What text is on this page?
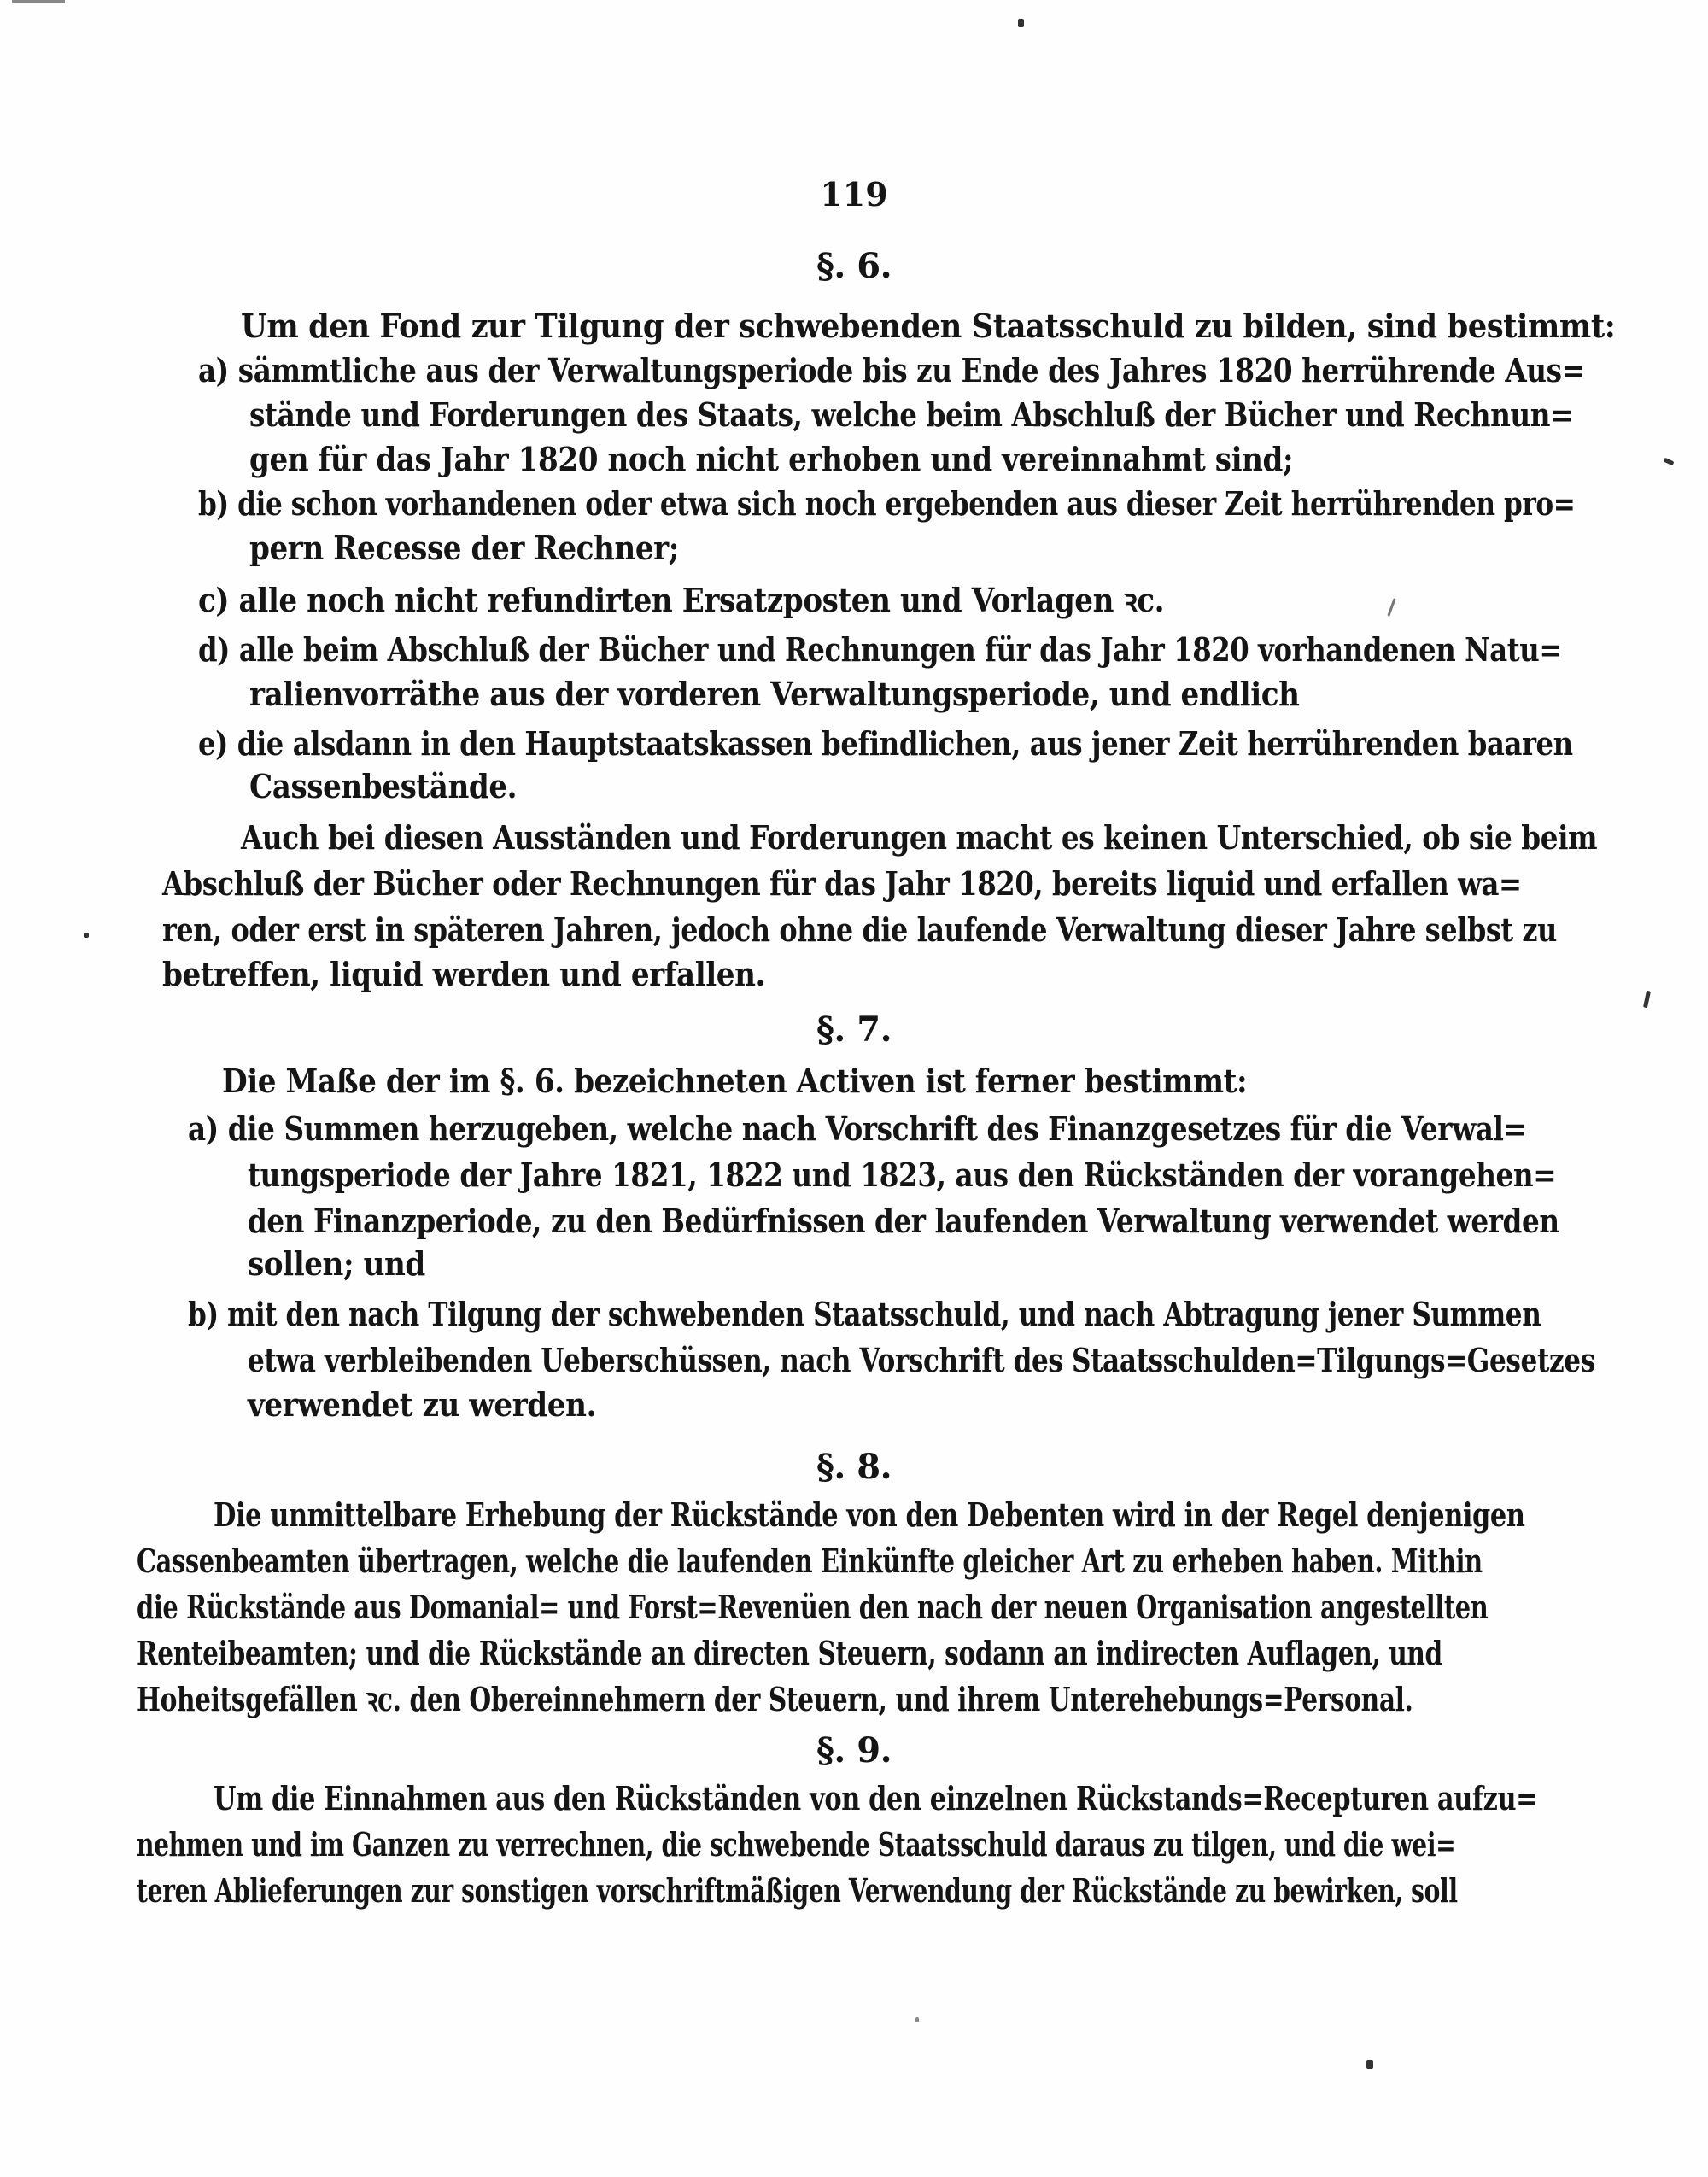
119
§. 6.
Um den Fond zur Tilgung der schwebenden Staatsschuld zu bilden, sind bestimmt:
a) sämmtliche aus der Verwaltungsperiode bis zu Ende des Jahres 1820 herrührende Aus=
stände und Forderungen des Staats, welche beim Abschluß der Bücher und Rechnun=
gen für das Jahr 1820 noch nicht erhoben und vereinnahmt sind;
b) die schon vorhandenen oder etwa sich noch ergebenden aus dieser Zeit herrührenden pro=
pern Recesse der Rechner;
c) alle noch nicht refundirten Ersatzposten und Vorlagen ꝛc.
d) alle beim Abschluß der Bücher und Rechnungen für das Jahr 1820 vorhandenen Natu=
ralienvorräthe aus der vorderen Verwaltungsperiode, und endlich
e) die alsdann in den Hauptstaatskassen befindlichen, aus jener Zeit herrührenden baaren
Cassenbestände.
Auch bei diesen Ausständen und Forderungen macht es keinen Unterschied, ob sie beim
Abschluß der Bücher oder Rechnungen für das Jahr 1820, bereits liquid und erfallen wa=
ren, oder erst in späteren Jahren, jedoch ohne die laufende Verwaltung dieser Jahre selbst zu
betreffen, liquid werden und erfallen.
§. 7.
Die Maße der im §. 6. bezeichneten Activen ist ferner bestimmt:
a) die Summen herzugeben, welche nach Vorschrift des Finanzgesetzes für die Verwal=
tungsperiode der Jahre 1821, 1822 und 1823, aus den Rückständen der vorangehen=
den Finanzperiode, zu den Bedürfnissen der laufenden Verwaltung verwendet werden
sollen; und
b) mit den nach Tilgung der schwebenden Staatsschuld, und nach Abtragung jener Summen
etwa verbleibenden Ueberschüssen, nach Vorschrift des Staatsschulden=Tilgungs=Gesetzes
verwendet zu werden.
§. 8.
Die unmittelbare Erhebung der Rückstände von den Debenten wird in der Regel denjenigen
Cassenbeamten übertragen, welche die laufenden Einkünfte gleicher Art zu erheben haben. Mithin
die Rückstände aus Domanial= und Forst=Revenüen den nach der neuen Organisation angestellten
Renteibeamten; und die Rückstände an directen Steuern, sodann an indirecten Auflagen, und
Hoheitsgefällen ꝛc. den Obereinnehmern der Steuern, und ihrem Unterehebungs=Personal.
§. 9.
Um die Einnahmen aus den Rückständen von den einzelnen Rückstands=Recepturen aufzu=
nehmen und im Ganzen zu verrechnen, die schwebende Staatsschuld daraus zu tilgen, und die wei=
teren Ablieferungen zur sonstigen vorschriftmäßigen Verwendung der Rückstände zu bewirken, soll
